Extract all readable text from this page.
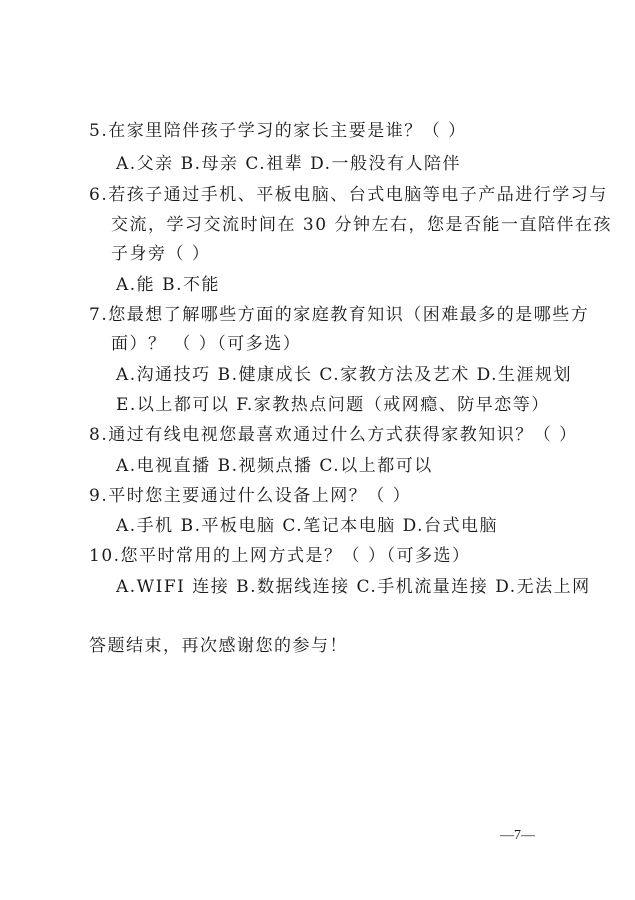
5.在家里陪伴孩子学习的家长主要是谁？（ ）
A.父亲 B.母亲 C.祖辈 D.一般没有人陪伴
6.若孩子通过手机、平板电脑、台式电脑等电子产品进行学习与
交流，学习交流时间在 30 分钟左右，您是否能一直陪伴在孩
子身旁（ ）
A.能 B.不能
7.您最想了解哪些方面的家庭教育知识（困难最多的是哪些方
面）？ （ ）（可多选）
A.沟通技巧 B.健康成长 C.家教方法及艺术 D.生涯规划
E.以上都可以 F.家教热点问题（戒网瘾、防早恋等）
8.通过有线电视您最喜欢通过什么方式获得家教知识？（ ）
A.电视直播 B.视频点播 C.以上都可以
9.平时您主要通过什么设备上网？（ ）
A.手机 B.平板电脑 C.笔记本电脑 D.台式电脑
10.您平时常用的上网方式是？（ ）（可多选）
A.WIFI 连接 B.数据线连接 C.手机流量连接 D.无法上网
答题结束，再次感谢您的参与！
—7—
